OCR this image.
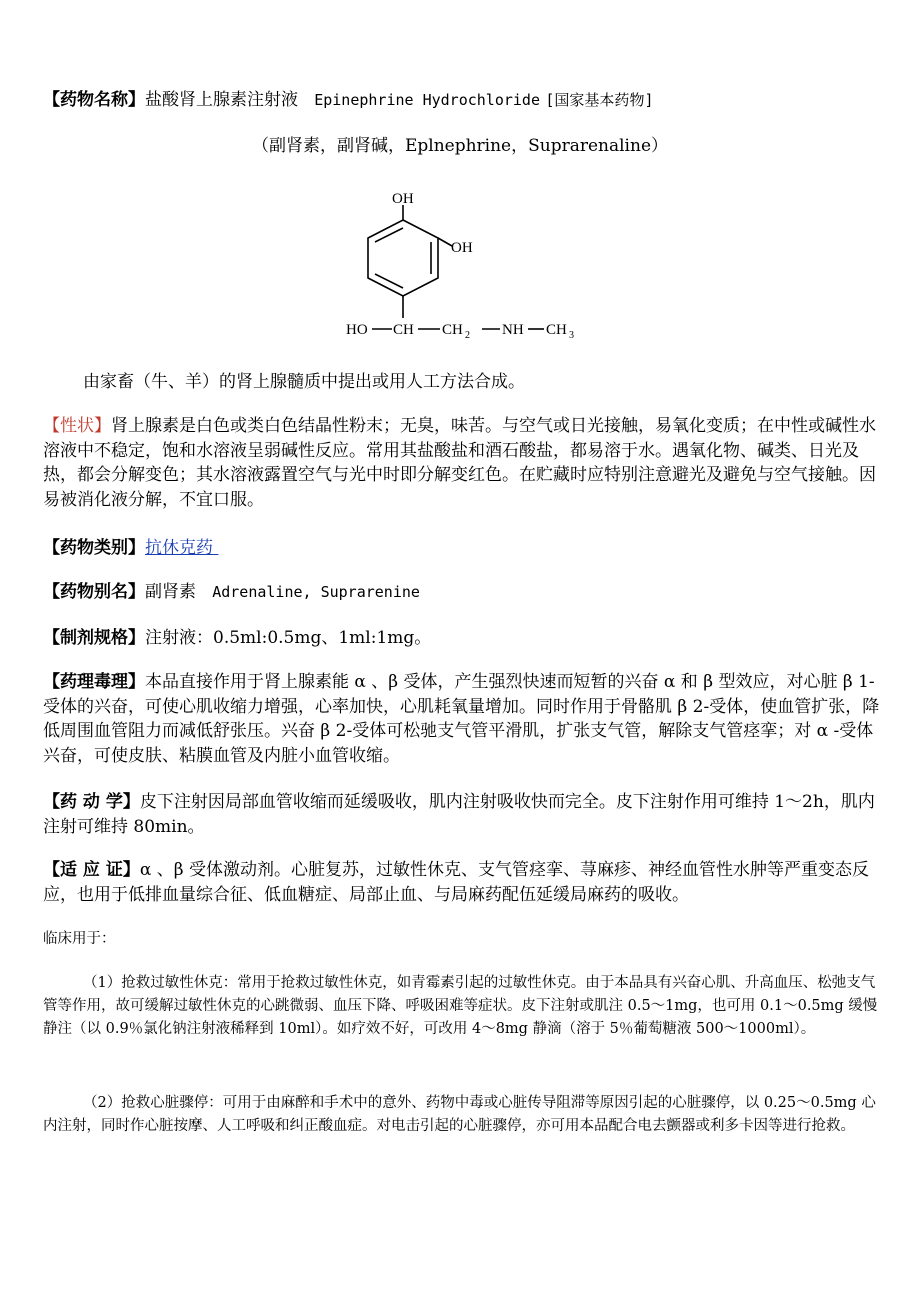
【药物名称】盐酸肾上腺素注射液 Epinephrine Hydrochloride [国家基本药物]
（副肾素，副肾碱，Eplnephrine，Suprarenaline）
OH
OH
HO CH CH 2 NH CH 3
由家畜（牛、羊）的肾上腺髓质中提出或用人工方法合成。
【性状】肾上腺素是白色或类白色结晶性粉末；无臭，味苦。与空气或日光接触，易氧化变质；在中性或碱性水溶液中不稳定，饱和水溶液呈弱碱性反应。常用其盐酸盐和酒石酸盐，都易溶于水。遇氧化物、碱类、日光及热，都会分解变色；其水溶液露置空气与光中时即分解变红色。在贮藏时应特别注意避光及避免与空气接触。因易被消化液分解，不宜口服。
【药物类别】抗休克药
【药物别名】副肾素 Adrenaline, Suprarenine
【制剂规格】注射液：0.5ml:0.5mg、1ml:1mg。
【药理毒理】本品直接作用于肾上腺素能 α 、β 受体，产生强烈快速而短暂的兴奋 α 和 β 型效应，对心脏 β 1-受体的兴奋，可使心肌收缩力增强，心率加快，心肌耗氧量增加。同时作用于骨骼肌 β 2-受体，使血管扩张，降低周围血管阻力而减低舒张压。兴奋 β 2-受体可松驰支气管平滑肌，扩张支气管，解除支气管痉挛；对 α -受体兴奋，可使皮肤、粘膜血管及内脏小血管收缩。
【药 动 学】皮下注射因局部血管收缩而延缓吸收，肌内注射吸收快而完全。皮下注射作用可维持 1～2h，肌内注射可维持 80min。
【适 应 证】α 、β 受体激动剂。心脏复苏，过敏性休克、支气管痉挛、荨麻疹、神经血管性水肿等严重变态反应，也用于低排血量综合征、低血糖症、局部止血、与局麻药配伍延缓局麻药的吸收。
临床用于：
（1）抢救过敏性休克：常用于抢救过敏性休克，如青霉素引起的过敏性休克。由于本品具有兴奋心肌、升高血压、松弛支气管等作用，故可缓解过敏性休克的心跳微弱、血压下降、呼吸困难等症状。皮下注射或肌注 0.5～1mg，也可用 0.1～0.5mg 缓慢静注（以 0.9％氯化钠注射液稀释到 10ml）。如疗效不好，可改用 4～8mg 静滴（溶于 5％葡萄糖液 500～1000ml）。
（2）抢救心脏骤停：可用于由麻醉和手术中的意外、药物中毒或心脏传导阻滞等原因引起的心脏骤停，以 0.25～0.5mg 心内注射，同时作心脏按摩、人工呼吸和纠正酸血症。对电击引起的心脏骤停，亦可用本品配合电去颤器或利多卡因等进行抢救。
